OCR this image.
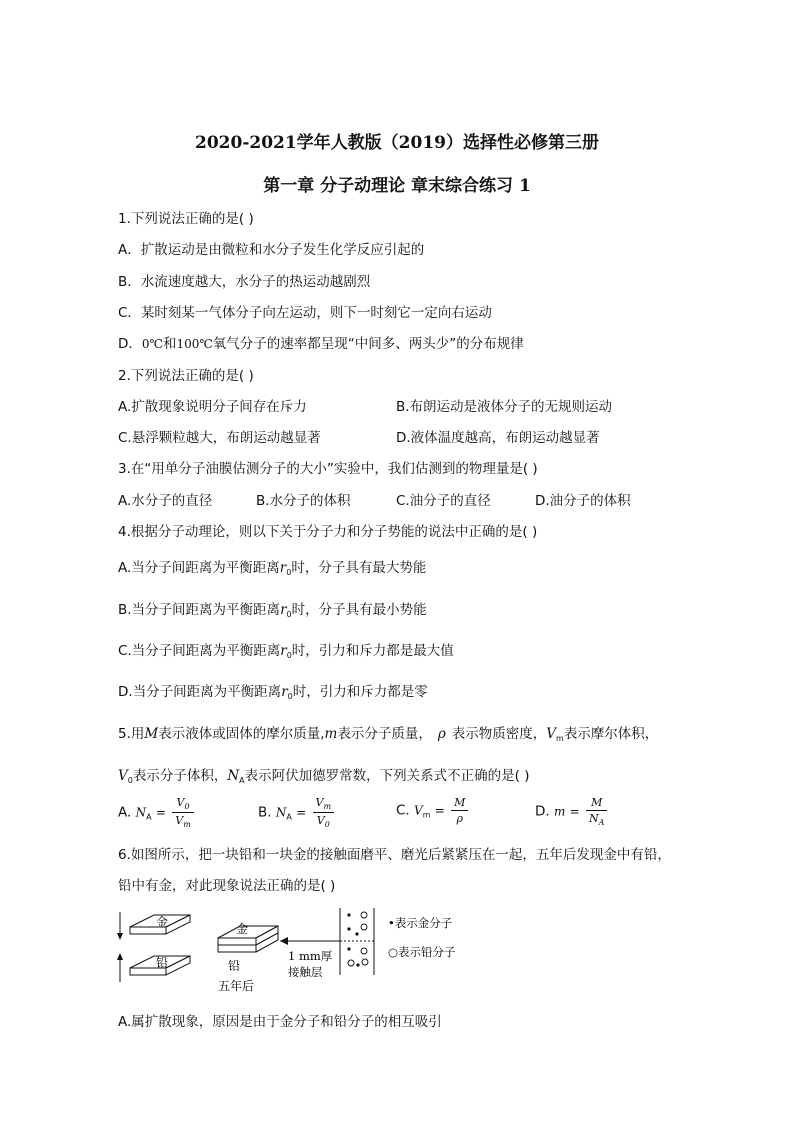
2020-2021学年人教版（2019）选择性必修第三册
第一章 分子动理论 章末综合练习 1
1.下列说法正确的是( )
A．扩散运动是由微粒和水分子发生化学反应引起的
B．水流速度越大，水分子的热运动越剧烈
C．某时刻某一气体分子向左运动，则下一时刻它一定向右运动
D．0℃和100℃氧气分子的速率都呈现“中间多、两头少”的分布规律
2.下列说法正确的是( )
A.扩散现象说明分子间存在斥力	B.布朗运动是液体分子的无规则运动
C.悬浮颗粒越大，布朗运动越显著	D.液体温度越高，布朗运动越显著
3.在“用单分子油膜估测分子的大小”实验中，我们估测到的物理量是( )
A.水分子的直径	B.水分子的体积	C.油分子的直径	D.油分子的体积
4.根据分子动理论，则以下关于分子力和分子势能的说法中正确的是( )
A.当分子间距离为平衡距离$r_0$时，分子具有最大势能
B.当分子间距离为平衡距离$r_0$时，分子具有最小势能
C.当分子间距离为平衡距离$r_0$时，引力和斥力都是最大值
D.当分子间距离为平衡距离$r_0$时，引力和斥力都是零
5.用M表示液体或固体的摩尔质量,m表示分子质量， ρ 表示物质密度，$V_m$表示摩尔体积，
$V_0$表示分子体积，$N_A$表示阿伏加德罗常数，下列关系式不正确的是( )
A. $N_A = \frac{V_0}{V_m}$	B. $N_A = \frac{V_m}{V_0}$	C. $V_m = \frac{M}{\rho}$	D. $m = \frac{M}{N_A}$
6.如图所示，把一块铅和一块金的接触面磨平、磨光后紧紧压在一起，五年后发现金中有铅，
铅中有金，对此现象说法正确的是( )
金
铅
金
铅
五年后
1 mm厚
接触层
•表示金分子
○表示铅分子
A.属扩散现象，原因是由于金分子和铅分子的相互吸引
